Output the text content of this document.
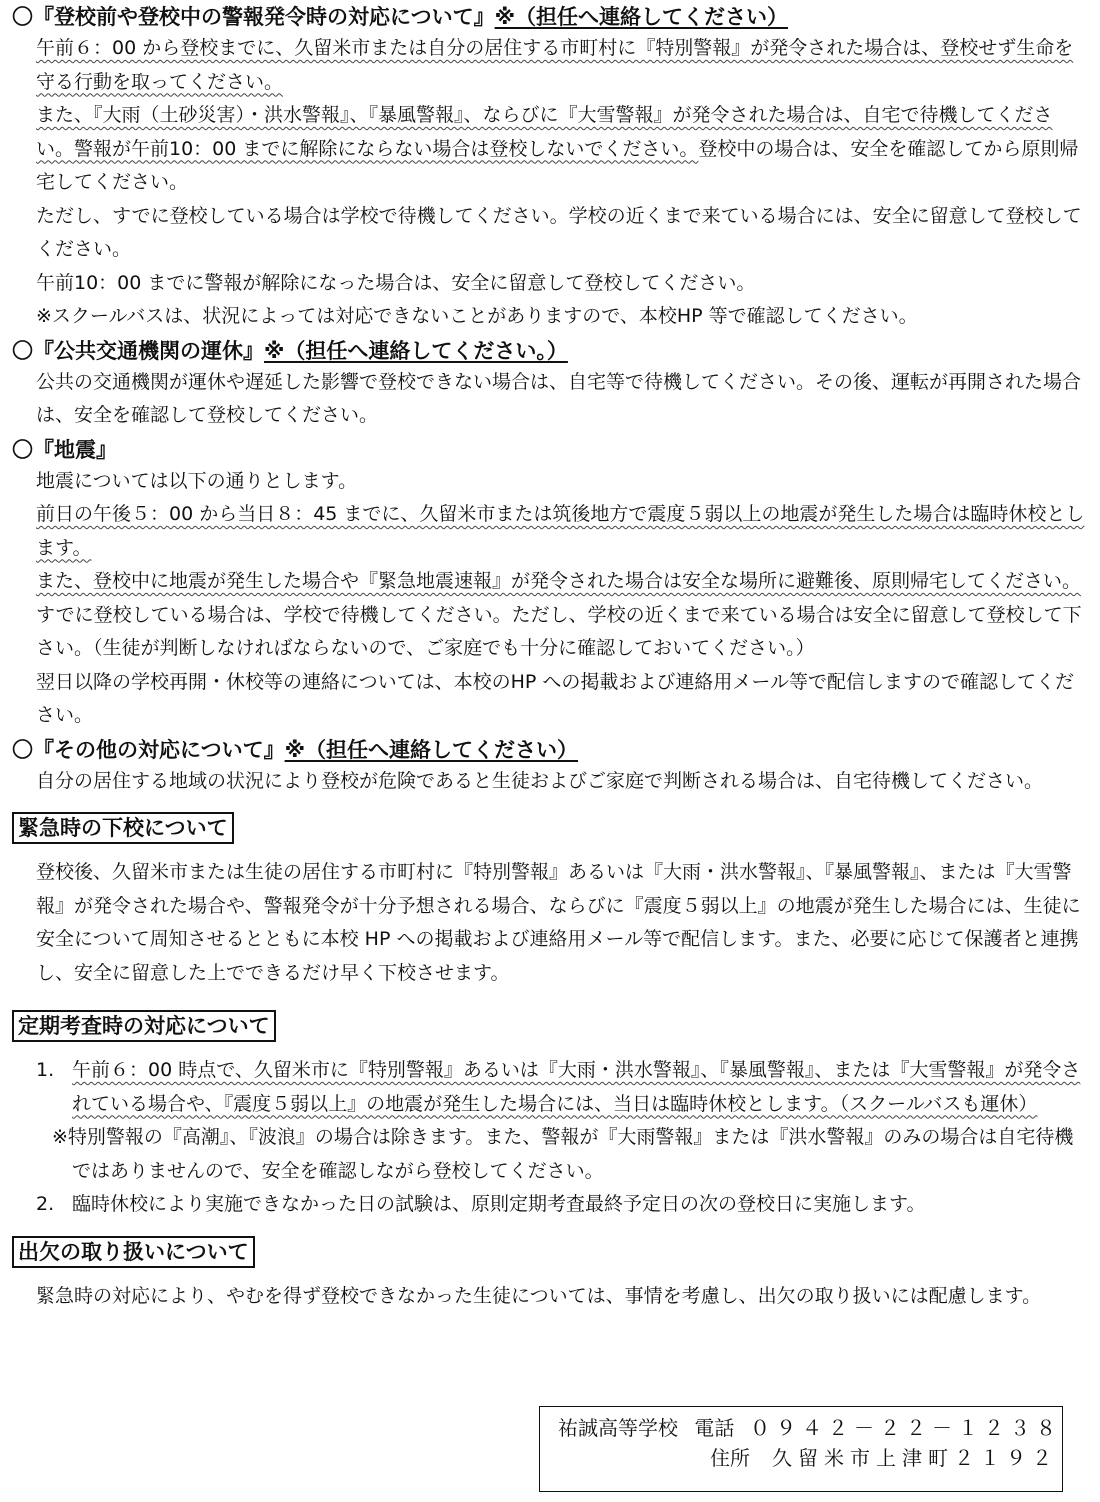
〇『登校前や登校中の警報発令時の対応について』※（担任へ連絡してください）

午前６：00 から登校までに、久留米市または自分の居住する市町村に『特別警報』が発令された場合は、登校せず生命を守る行動を取ってください。
また、『大雨（土砂災害）・洪水警報』、『暴風警報』、ならびに『大雪警報』が発令された場合は、自宅で待機してください。警報が午前10：00 までに解除にならない場合は登校しないでください。登校中の場合は、安全を確認してから原則帰宅してください。
ただし、すでに登校している場合は学校で待機してください。学校の近くまで来ている場合には、安全に留意して登校してください。
午前10：00 までに警報が解除になった場合は、安全に留意して登校してください。
※スクールバスは、状況によっては対応できないことがありますので、本校HP 等で確認してください。

〇『公共交通機関の運休』※（担任へ連絡してください。）

公共の交通機関が運休や遅延した影響で登校できない場合は、自宅等で待機してください。その後、運転が再開された場合は、安全を確認して登校してください。

〇『地震』

地震については以下の通りとします。
前日の午後５：00 から当日８：45 までに、久留米市または筑後地方で震度５弱以上の地震が発生した場合は臨時休校とします。
また、登校中に地震が発生した場合や『緊急地震速報』が発令された場合は安全な場所に避難後、原則帰宅してください。
すでに登校している場合は、学校で待機してください。ただし、学校の近くまで来ている場合は安全に留意して登校して下さい。（生徒が判断しなければならないので、ご家庭でも十分に確認しておいてください。）
翌日以降の学校再開・休校等の連絡については、本校のHP への掲載および連絡用メール等で配信しますので確認してください。

〇『その他の対応について』※（担任へ連絡してください）

自分の居住する地域の状況により登校が危険であると生徒およびご家庭で判断される場合は、自宅待機してください。

緊急時の下校について

登校後、久留米市または生徒の居住する市町村に『特別警報』あるいは『大雨・洪水警報』、『暴風警報』、または『大雪警報』が発令された場合や、警報発令が十分予想される場合、ならびに『震度５弱以上』の地震が発生した場合には、生徒に安全について周知させるとともに本校 HP への掲載および連絡用メール等で配信します。また、必要に応じて保護者と連携し、安全に留意した上でできるだけ早く下校させます。

定期考査時の対応について
1. 午前６：00 時点で、久留米市に『特別警報』あるいは『大雨・洪水警報』、『暴風警報』、または『大雪警報』が発令されている場合や、『震度５弱以上』の地震が発生した場合には、当日は臨時休校とします。（スクールバスも運休）
※特別警報の『高潮』、『波浪』の場合は除きます。また、警報が『大雨警報』または『洪水警報』のみの場合は自宅待機ではありませんので、安全を確認しながら登校してください。
2. 臨時休校により実施できなかった日の試験は、原則定期考査最終予定日の次の登校日に実施します。
出欠の取り扱いについて

緊急時の対応により、やむを得ず登校できなかった生徒については、事情を考慮し、出欠の取り扱いには配慮します。

祐誠高等学校 電話 ０９４２－２２－１２３８
住所	久留米市上津町２１９２
